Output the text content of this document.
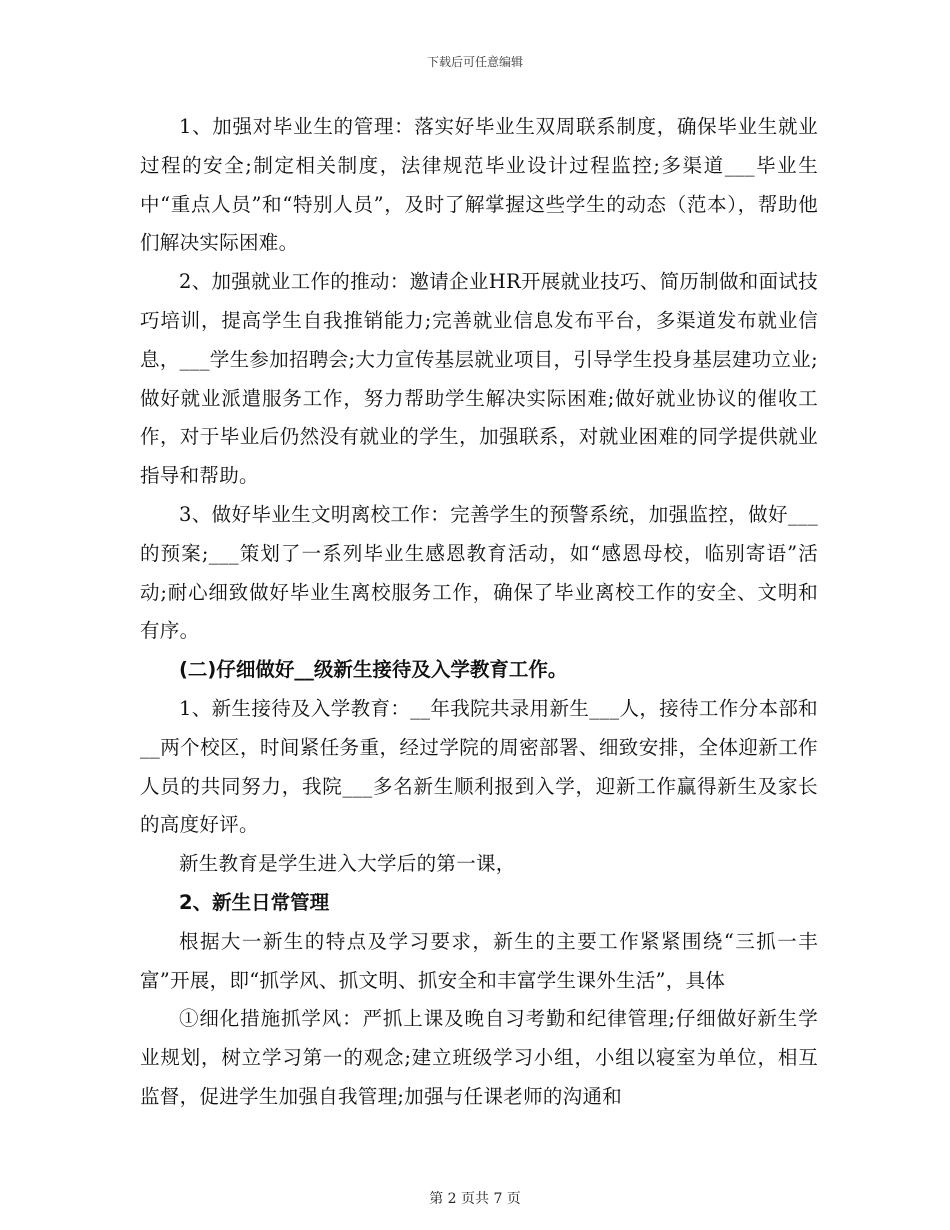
下载后可任意编辑

1、加强对毕业生的管理：落实好毕业生双周联系制度，确保毕业生就业过程的安全;制定相关制度，法律规范毕业设计过程监控;多渠道___毕业生中“重点人员”和“特别人员”，及时了解掌握这些学生的动态（范本），帮助他们解决实际困难。

2、加强就业工作的推动：邀请企业HR开展就业技巧、简历制做和面试技巧培训，提高学生自我推销能力;完善就业信息发布平台，多渠道发布就业信息，___学生参加招聘会;大力宣传基层就业项目，引导学生投身基层建功立业;做好就业派遣服务工作，努力帮助学生解决实际困难;做好就业协议的催收工作，对于毕业后仍然没有就业的学生，加强联系，对就业困难的同学提供就业指导和帮助。

3、做好毕业生文明离校工作：完善学生的预警系统，加强监控，做好___的预案;___策划了一系列毕业生感恩教育活动，如“感恩母校，临别寄语”活动;耐心细致做好毕业生离校服务工作，确保了毕业离校工作的安全、文明和有序。

(二)仔细做好__级新生接待及入学教育工作。

1、新生接待及入学教育：__年我院共录用新生___人，接待工作分本部和__两个校区，时间紧任务重，经过学院的周密部署、细致安排，全体迎新工作人员的共同努力，我院___多名新生顺利报到入学，迎新工作赢得新生及家长的高度好评。

新生教育是学生进入大学后的第一课，

2、新生日常管理

根据大一新生的特点及学习要求，新生的主要工作紧紧围绕“三抓一丰富”开展，即“抓学风、抓文明、抓安全和丰富学生课外生活”，具体

①细化措施抓学风：严抓上课及晚自习考勤和纪律管理;仔细做好新生学业规划，树立学习第一的观念;建立班级学习小组，小组以寝室为单位，相互监督，促进学生加强自我管理;加强与任课老师的沟通和

第 2 页共 7 页
